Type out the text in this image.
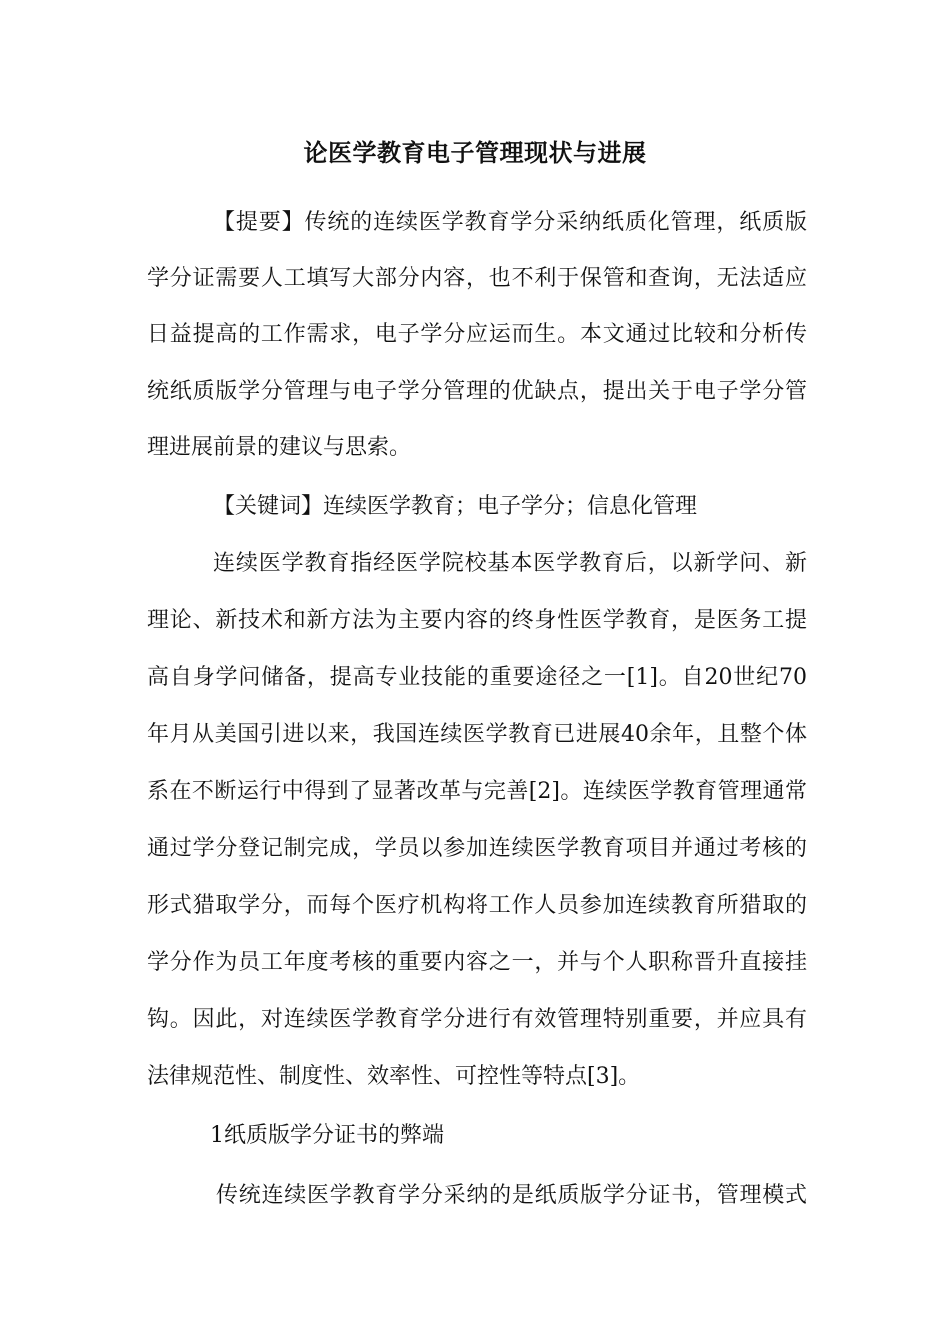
论医学教育电子管理现状与进展
【提要】传统的连续医学教育学分采纳纸质化管理，纸质版
学分证需要人工填写大部分内容，也不利于保管和查询，无法适应
日益提高的工作需求，电子学分应运而生。本文通过比较和分析传
统纸质版学分管理与电子学分管理的优缺点，提出关于电子学分管
理进展前景的建议与思索。
【关键词】连续医学教育；电子学分；信息化管理
连续医学教育指经医学院校基本医学教育后，以新学问、新
理论、新技术和新方法为主要内容的终身性医学教育，是医务工提
高自身学问储备，提高专业技能的重要途径之一[1]。自20世纪70
年月从美国引进以来，我国连续医学教育已进展40余年，且整个体
系在不断运行中得到了显著改革与完善[2]。连续医学教育管理通常
通过学分登记制完成，学员以参加连续医学教育项目并通过考核的
形式猎取学分，而每个医疗机构将工作人员参加连续教育所猎取的
学分作为员工年度考核的重要内容之一，并与个人职称晋升直接挂
钩。因此，对连续医学教育学分进行有效管理特别重要，并应具有
法律规范性、制度性、效率性、可控性等特点[3]。
1纸质版学分证书的弊端
传统连续医学教育学分采纳的是纸质版学分证书，管理模式
